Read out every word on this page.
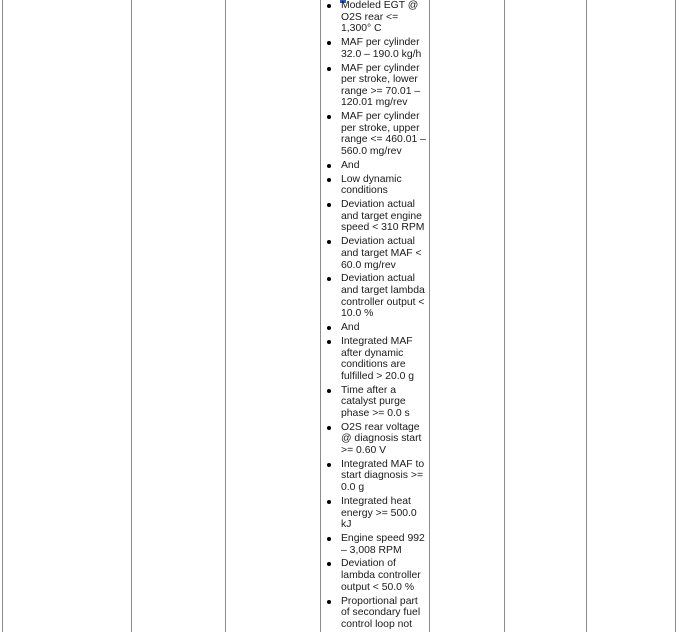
Modeled EGT @ O2S rear <= 1,300° C
MAF per cylinder 32.0 – 190.0 kg/h
MAF per cylinder per stroke, lower range >= 70.01 – 120.01 mg/rev
MAF per cylinder per stroke, upper range <= 460.01 – 560.0 mg/rev
And
Low dynamic conditions
Deviation actual and target engine speed < 310 RPM
Deviation actual and target MAF < 60.0 mg/rev
Deviation actual and target lambda controller output < 10.0 %
And
Integrated MAF after dynamic conditions are fulfilled > 20.0 g
Time after a catalyst purge phase >= 0.0 s
O2S rear voltage @ diagnosis start >= 0.60 V
Integrated MAF to start diagnosis >= 0.0 g
Integrated heat energy >= 500.0 kJ
Engine speed 992 – 3,008 RPM
Deviation of lambda controller output < 50.0 %
Proportional part of secondary fuel control loop not
